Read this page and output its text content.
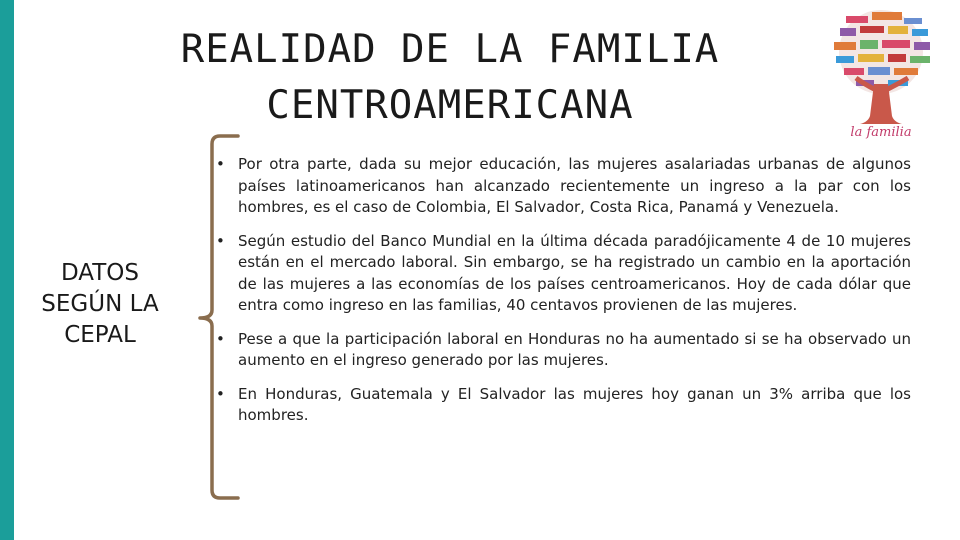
REALIDAD DE LA FAMILIA
CENTROAMERICANA
la familia
DATOS SEGÚN LA CEPAL
• Por otra parte, dada su mejor educación, las mujeres asalariadas urbanas de algunos países latinoamericanos han alcanzado recientemente un ingreso a la par con los hombres, es el caso de Colombia, El Salvador, Costa Rica, Panamá y Venezuela.
• Según estudio del Banco Mundial en la última década paradójicamente 4 de 10 mujeres están en el mercado laboral. Sin embargo, se ha registrado un cambio en la aportación de las mujeres a las economías de los países centroamericanos. Hoy de cada dólar que entra como ingreso en las familias, 40 centavos provienen de las mujeres.
• Pese a que la participación laboral en Honduras no ha aumentado si se ha observado un aumento en el ingreso generado por las mujeres.
• En Honduras, Guatemala y El Salvador las mujeres hoy ganan un 3% arriba que los hombres.
